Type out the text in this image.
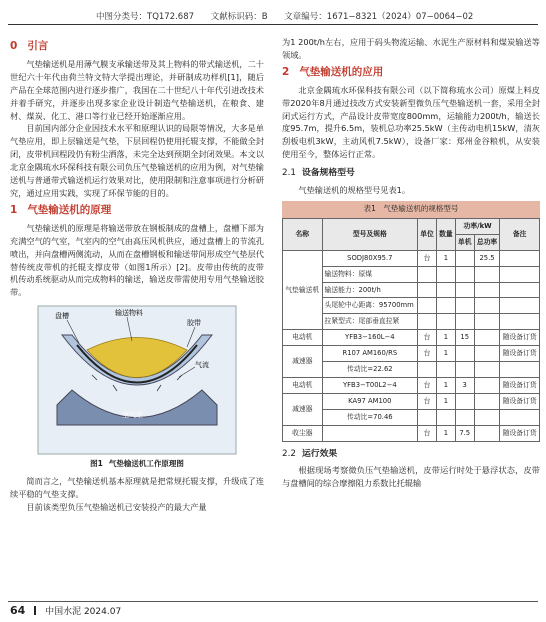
中图分类号：TQ172.687 文献标识码：B 文章编号：1671−8321（2024）07−0064−02
0 引言

气垫输送机是用薄气膜支承输送带及其上物料的带式输送机，二十世纪六十年代由荷兰特文特大学提出理论，并研制成功样机[1]，随后产品在全球范围内进行逐步推广，我国在二十世纪八十年代引进改技术并着手研究，并逐步出现多家企业设计制造气垫输送机，在粮食、建材、煤炭、化工、港口等行业已经开始逐渐应用。

目前国内部分企业因技术水平和原理认识的局限等情况，大多是单气垫应用，即上层输送是气垫，下层回程仍使用托辊支撑，不能做全封闭，皮带机回程段仍有粉尘洒落，未完全达到预期全封闭效果。本文以北京金隅琉水环保科技有限公司负压气垫输送机的应用为例，对气垫输送机与普通带式输送机运行效果对比，使用限制和注意事项进行分析研究，通过应用实践，实现了环保节能的目的。

1 气垫输送机的原理

气垫输送机的原理是将输送带放在钢板制成的盘槽上，盘槽下部为充满空气的气室，气室内的空气由高压风机供应，通过盘槽上的节流孔喷出，并向盘槽两侧流动，从而在盘槽钢板和输送带间形成空气垫层代替传统皮带机的托辊支撑皮带（如图1所示）[2]。皮带由传统的皮带机传动系统驱动从而完成物料的输送，输送皮带需使用专用气垫输送胶带。

盘槽	输送物料
胶带
气流
空气室
图1 气垫输送机工作原理图

简而言之，气垫输送机基本原理就是把常规托辊支撑，升级成了连续平稳的气垫支撑。

目前该类型负压气垫输送机已安装投产的最大产量

为1 200t/h左右，应用于码头物流运输、水泥生产原材料和煤炭输送等领域。

2 气垫输送机的应用

北京金隅琉水环保科技有限公司（以下简称琉水公司）原煤上料皮带2020年8月通过技改方式安装新型微负压气垫输送机一套，采用全封闭式运行方式，产品设计皮带宽度800mm，运输能力200t/h，输送长度95.7m，提升6.5m，装机总功率25.5kW（主传动电机15kW，清灰刮板电机3kW，主动风机7.5kW），设备厂家：郑州金谷粮机，从安装使用至今，整体运行正常。

2.1 设备规格型号

气垫输送机的规格型号见表1。

表1　气垫输送机的规格型号
名称	型号及规格	单位	数量	功率/kW		备注
				单机	总功率	
气垫输送机	SODJ80X95.7	台	1		25.5	
	输送物料：原煤					
	输送能力：200t/h					
	头尾轮中心距离：95700mm					
	拉紧型式：尾部垂直拉紧					
电动机	YFB3−160L−4	台	1	15		随设备订货
减速器	R107 AM160/RS	台	1			随设备订货
	传动比=22.62					
电动机	YFB3−T00L2−4	台	1	3		随设备订货
减速器	KA97 AM100	台	1			随设备订货
	传动比=70.46					
收尘器		台	1	7.5		随设备订货
2.2 运行效果

根据现场考察微负压气垫输送机，皮带运行时处于悬浮状态，皮带与盘槽间的综合摩擦阻力系数比托辊输

64 中国水泥 2024.07
